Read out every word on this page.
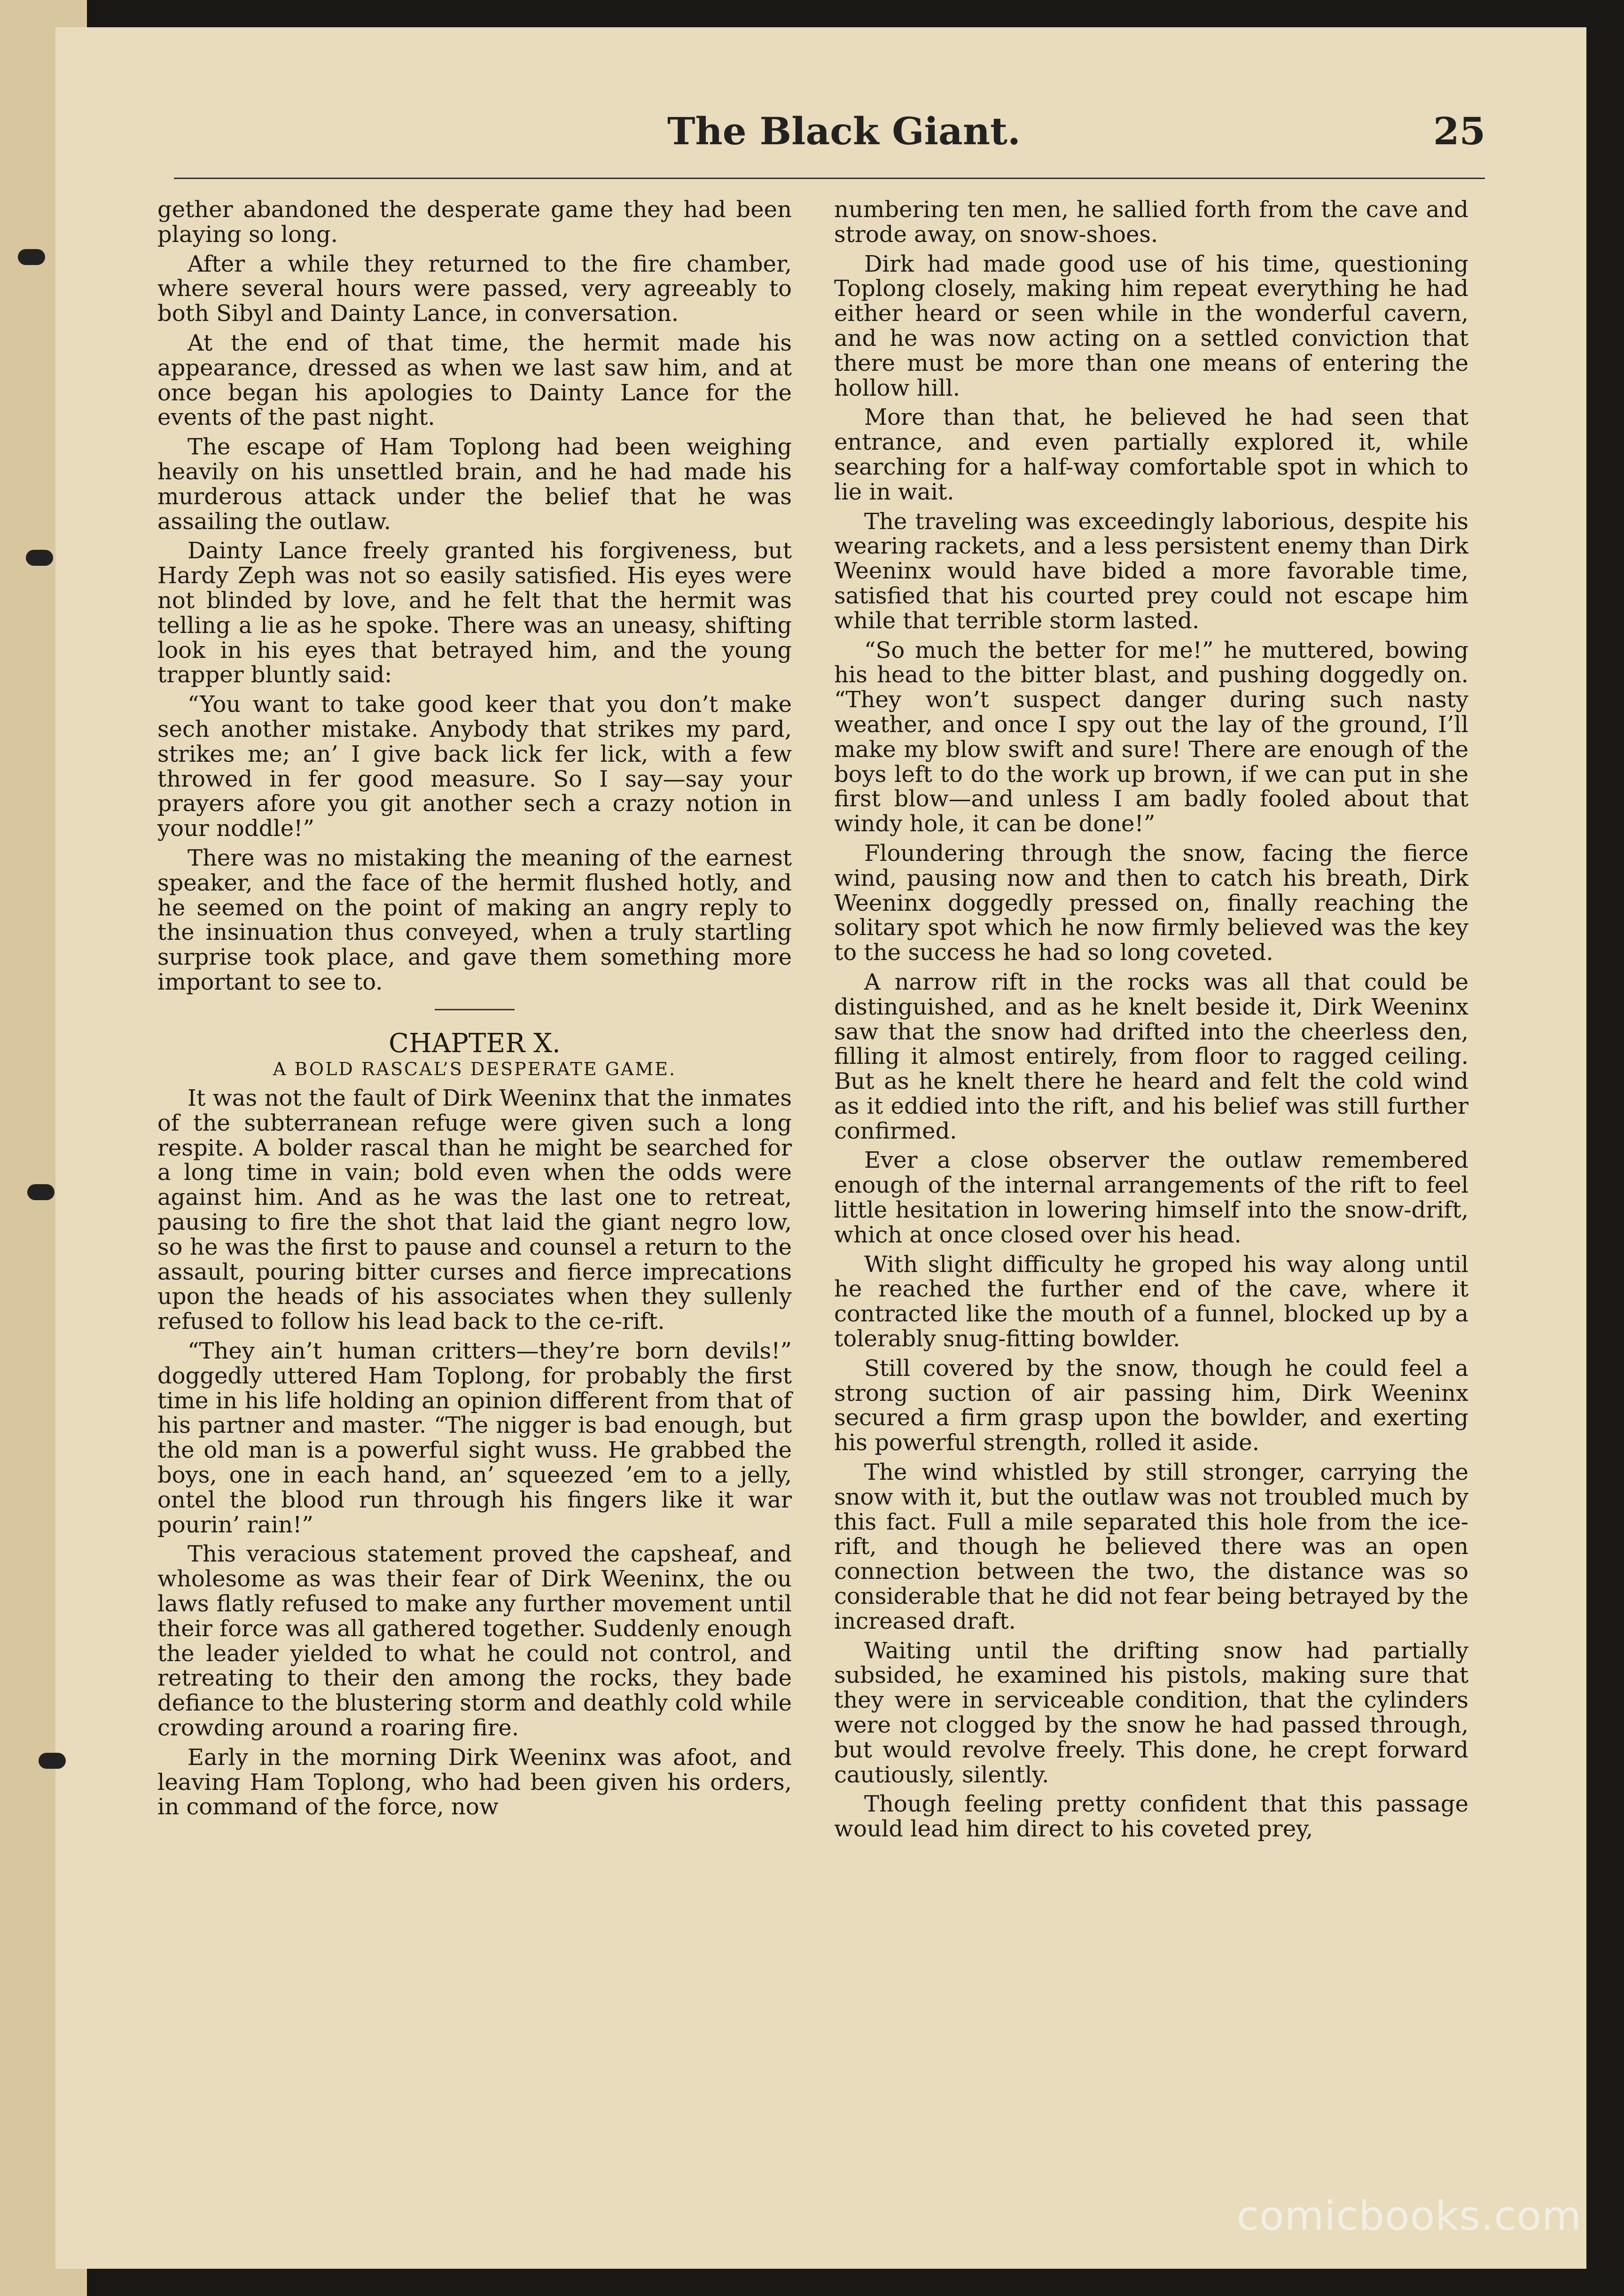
The Black Giant.	25

gether abandoned the desperate game they had been playing so long.

After a while they returned to the fire chamber, where several hours were passed, very agreeably to both Sibyl and Dainty Lance, in conversation.

At the end of that time, the hermit made his appearance, dressed as when we last saw him, and at once began his apologies to Dainty Lance for the events of the past night.

The escape of Ham Toplong had been weighing heavily on his unsettled brain, and he had made his murderous attack under the belief that he was assailing the outlaw.

Dainty Lance freely granted his forgiveness, but Hardy Zeph was not so easily satisfied. His eyes were not blinded by love, and he felt that the hermit was telling a lie as he spoke. There was an uneasy, shifting look in his eyes that betrayed him, and the young trapper bluntly said:

“You want to take good keer that you don’t make sech another mistake. Anybody that strikes my pard, strikes me; an’ I give back lick fer lick, with a few throwed in fer good measure. So I say—say your prayers afore you git another sech a crazy notion in your noddle!”

There was no mistaking the meaning of the earnest speaker, and the face of the hermit flushed hotly, and he seemed on the point of making an angry reply to the insinuation thus conveyed, when a truly startling surprise took place, and gave them something more important to see to.

CHAPTER X.
A BOLD RASCAL’S DESPERATE GAME.

It was not the fault of Dirk Weeninx that the inmates of the subterranean refuge were given such a long respite. A bolder rascal than he might be searched for a long time in vain; bold even when the odds were against him. And as he was the last one to retreat, pausing to fire the shot that laid the giant negro low, so he was the first to pause and counsel a return to the assault, pouring bitter curses and fierce imprecations upon the heads of his associates when they sullenly refused to follow his lead back to the ce-rift.

“They ain’t human critters—they’re born devils!” doggedly uttered Ham Toplong, for probably the first time in his life holding an opinion different from that of his partner and master. “The nigger is bad enough, but the old man is a powerful sight wuss. He grabbed the boys, one in each hand, an’ squeezed ’em to a jelly, ontel the blood run through his fingers like it war pourin’ rain!”

This veracious statement proved the capsheaf, and wholesome as was their fear of Dirk Weeninx, the ou laws flatly refused to make any further movement until their force was all gathered together. Suddenly enough the leader yielded to what he could not control, and retreating to their den among the rocks, they bade defiance to the blustering storm and deathly cold while crowding around a roaring fire.

Early in the morning Dirk Weeninx was afoot, and leaving Ham Toplong, who had been given his orders, in command of the force, now

numbering ten men, he sallied forth from the cave and strode away, on snow-shoes.

Dirk had made good use of his time, questioning Toplong closely, making him repeat everything he had either heard or seen while in the wonderful cavern, and he was now acting on a settled conviction that there must be more than one means of entering the hollow hill.

More than that, he believed he had seen that entrance, and even partially explored it, while searching for a half-way comfortable spot in which to lie in wait.

The traveling was exceedingly laborious, despite his wearing rackets, and a less persistent enemy than Dirk Weeninx would have bided a more favorable time, satisfied that his courted prey could not escape him while that terrible storm lasted.

“So much the better for me!” he muttered, bowing his head to the bitter blast, and pushing doggedly on. “They won’t suspect danger during such nasty weather, and once I spy out the lay of the ground, I’ll make my blow swift and sure! There are enough of the boys left to do the work up brown, if we can put in she first blow—and unless I am badly fooled about that windy hole, it can be done!”

Floundering through the snow, facing the fierce wind, pausing now and then to catch his breath, Dirk Weeninx doggedly pressed on, finally reaching the solitary spot which he now firmly believed was the key to the success he had so long coveted.

A narrow rift in the rocks was all that could be distinguished, and as he knelt beside it, Dirk Weeninx saw that the snow had drifted into the cheerless den, filling it almost entirely, from floor to ragged ceiling. But as he knelt there he heard and felt the cold wind as it eddied into the rift, and his belief was still further confirmed.

Ever a close observer the outlaw remembered enough of the internal arrangements of the rift to feel little hesitation in lowering himself into the snow-drift, which at once closed over his head.

With slight difficulty he groped his way along until he reached the further end of the cave, where it contracted like the mouth of a funnel, blocked up by a tolerably snug-fitting bowlder.

Still covered by the snow, though he could feel a strong suction of air passing him, Dirk Weeninx secured a firm grasp upon the bowlder, and exerting his powerful strength, rolled it aside.

The wind whistled by still stronger, carrying the snow with it, but the outlaw was not troubled much by this fact. Full a mile separated this hole from the ice-rift, and though he believed there was an open connection between the two, the distance was so considerable that he did not fear being betrayed by the increased draft.

Waiting until the drifting snow had partially subsided, he examined his pistols, making sure that they were in serviceable condition, that the cylinders were not clogged by the snow he had passed through, but would revolve freely. This done, he crept forward cautiously, silently.

Though feeling pretty confident that this passage would lead him direct to his coveted prey,

comicbooks.com
